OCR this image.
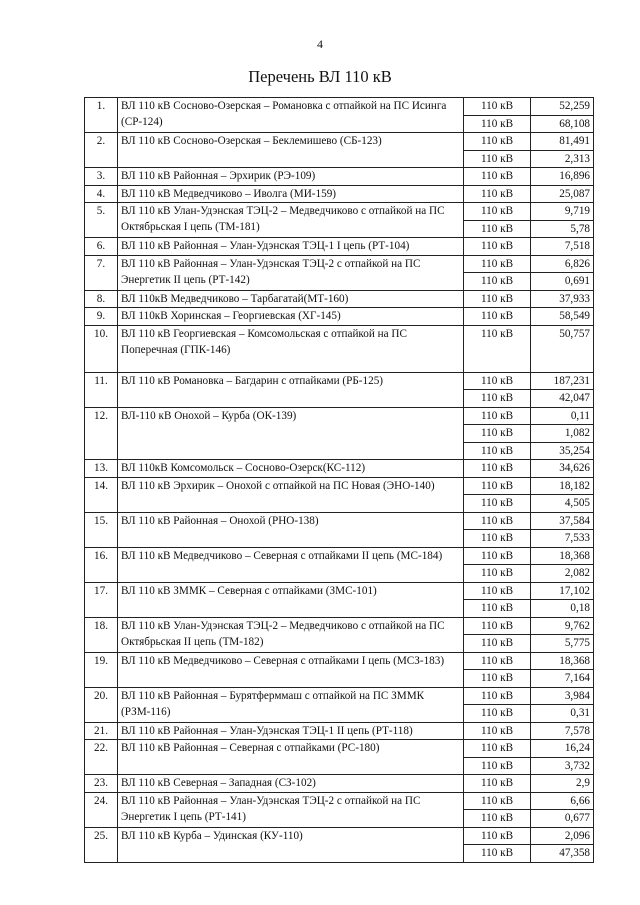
4
Перечень ВЛ 110 кВ
1.	ВЛ 110 кВ Сосново-Озерская – Романовка с отпайкой на ПС Исинга (СР-124)	110 кВ	52,259
		110 кВ	68,108
2.	ВЛ 110 кВ Сосново-Озерская – Беклемишево (СБ-123)	110 кВ	81,491
		110 кВ	2,313
3.	ВЛ 110 кВ Районная – Эрхирик (РЭ-109)	110 кВ	16,896
4.	ВЛ 110 кВ Медведчиково – Иволга (МИ-159)	110 кВ	25,087
5.	ВЛ 110 кВ Улан-Удэнская ТЭЦ-2 – Медведчиково с отпайкой на ПС Октябрьская I цепь (ТМ-181)	110 кВ	9,719
		110 кВ	5,78
6.	ВЛ 110 кВ Районная – Улан-Удэнская ТЭЦ-1 I цепь (РТ-104)	110 кВ	7,518
7.	ВЛ 110 кВ Районная – Улан-Удэнская ТЭЦ-2 с отпайкой на ПС Энергетик II цепь (РТ-142)	110 кВ	6,826
		110 кВ	0,691
8.	ВЛ 110кВ Медведчиково – Тарбагатай(МТ-160)	110 кВ	37,933
9.	ВЛ 110кВ Хоринская – Георгиевская (ХГ-145)	110 кВ	58,549
10.	ВЛ 110 кВ Георгиевская – Комсомольская с отпайкой на ПС Поперечная (ГПК-146)	110 кВ	50,757
11.	ВЛ 110 кВ Романовка – Багдарин с отпайками (РБ-125)	110 кВ	187,231
		110 кВ	42,047
12.	ВЛ-110 кВ Онохой – Курба (ОК-139)	110 кВ	0,11
		110 кВ	1,082
		110 кВ	35,254
13.	ВЛ 110кВ Комсомольск – Сосново-Озерск(КС-112)	110 кВ	34,626
14.	ВЛ 110 кВ Эрхирик – Онохой с отпайкой на ПС Новая (ЭНО-140)	110 кВ	18,182
		110 кВ	4,505
15.	ВЛ 110 кВ Районная – Онохой (РНО-138)	110 кВ	37,584
		110 кВ	7,533
16.	ВЛ 110 кВ Медведчиково – Северная с отпайками II цепь (МС-184)	110 кВ	18,368
		110 кВ	2,082
17.	ВЛ 110 кВ ЗММК – Северная с отпайками (ЗМС-101)	110 кВ	17,102
		110 кВ	0,18
18.	ВЛ 110 кВ Улан-Удэнская ТЭЦ-2 – Медведчиково с отпайкой на ПС Октябрьская II цепь (ТМ-182)	110 кВ	9,762
		110 кВ	5,775
19.	ВЛ 110 кВ Медведчиково – Северная с отпайками I цепь (МСЗ-183)	110 кВ	18,368
		110 кВ	7,164
20.	ВЛ 110 кВ Районная – Бурятферммаш с отпайкой на ПС ЗММК (РЗМ-116)	110 кВ	3,984
		110 кВ	0,31
21.	ВЛ 110 кВ Районная – Улан-Удэнская ТЭЦ-1 II цепь (РТ-118)	110 кВ	7,578
22.	ВЛ 110 кВ Районная – Северная с отпайками (РС-180)	110 кВ	16,24
		110 кВ	3,732
23.	ВЛ 110 кВ Северная – Западная (СЗ-102)	110 кВ	2,9
24.	ВЛ 110 кВ Районная – Улан-Удэнская ТЭЦ-2 с отпайкой на ПС Энергетик I цепь (РТ-141)	110 кВ	6,66
		110 кВ	0,677
25.	ВЛ 110 кВ Курба – Удинская (КУ-110)	110 кВ	2,096
		110 кВ	47,358
